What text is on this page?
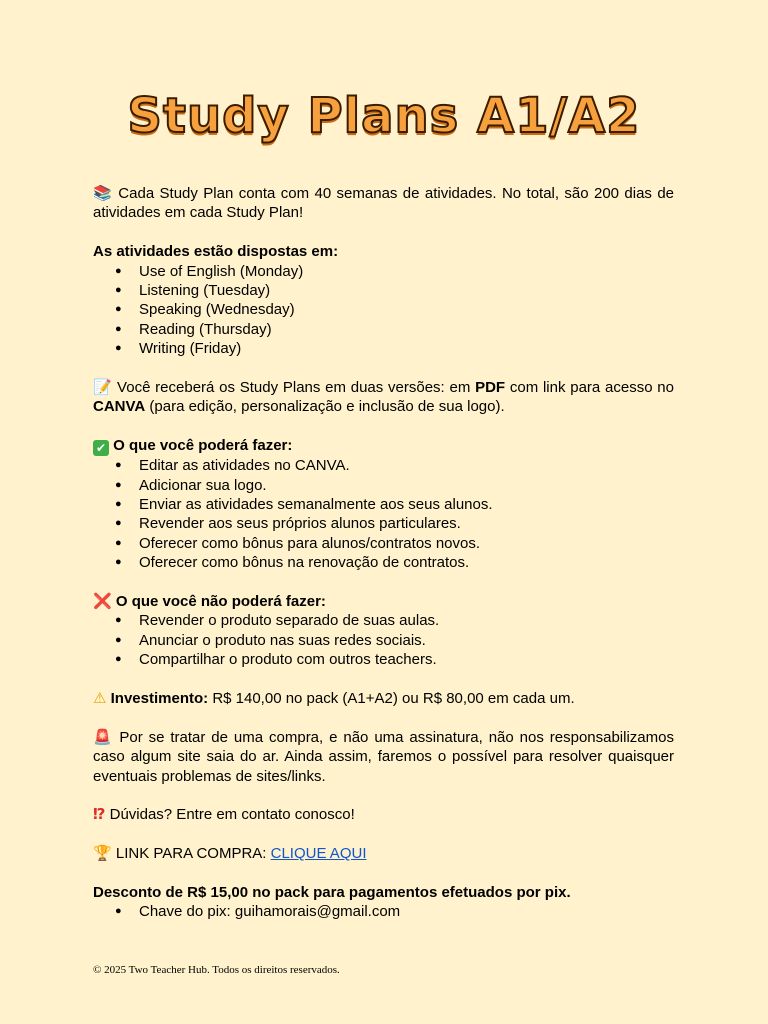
Study Plans A1/A2

📚 Cada Study Plan conta com 40 semanas de atividades. No total, são 200 dias de atividades em cada Study Plan!

As atividades estão dispostas em:

● Use of English (Monday)
● Listening (Tuesday)
● Speaking (Wednesday)
● Reading (Thursday)
● Writing (Friday)

📝 Você receberá os Study Plans em duas versões: em PDF com link para acesso no CANVA (para edição, personalização e inclusão de sua logo).

✔ O que você poderá fazer:

● Editar as atividades no CANVA.
● Adicionar sua logo.
● Enviar as atividades semanalmente aos seus alunos.
● Revender aos seus próprios alunos particulares.
● Oferecer como bônus para alunos/contratos novos.
● Oferecer como bônus na renovação de contratos.

❌ O que você não poderá fazer:

● Revender o produto separado de suas aulas.
● Anunciar o produto nas suas redes sociais.
● Compartilhar o produto com outros teachers.

⚠ Investimento: R$ 140,00 no pack (A1+A2) ou R$ 80,00 em cada um.

🚨 Por se tratar de uma compra, e não uma assinatura, não nos responsabilizamos caso algum site saia do ar. Ainda assim, faremos o possível para resolver quaisquer eventuais problemas de sites/links.

⁉ Dúvidas? Entre em contato conosco!

🏆 LINK PARA COMPRA: CLIQUE AQUI

Desconto de R$ 15,00 no pack para pagamentos efetuados por pix.

● Chave do pix: guihamorais@gmail.com
© 2025 Two Teacher Hub. Todos os direitos reservados.
